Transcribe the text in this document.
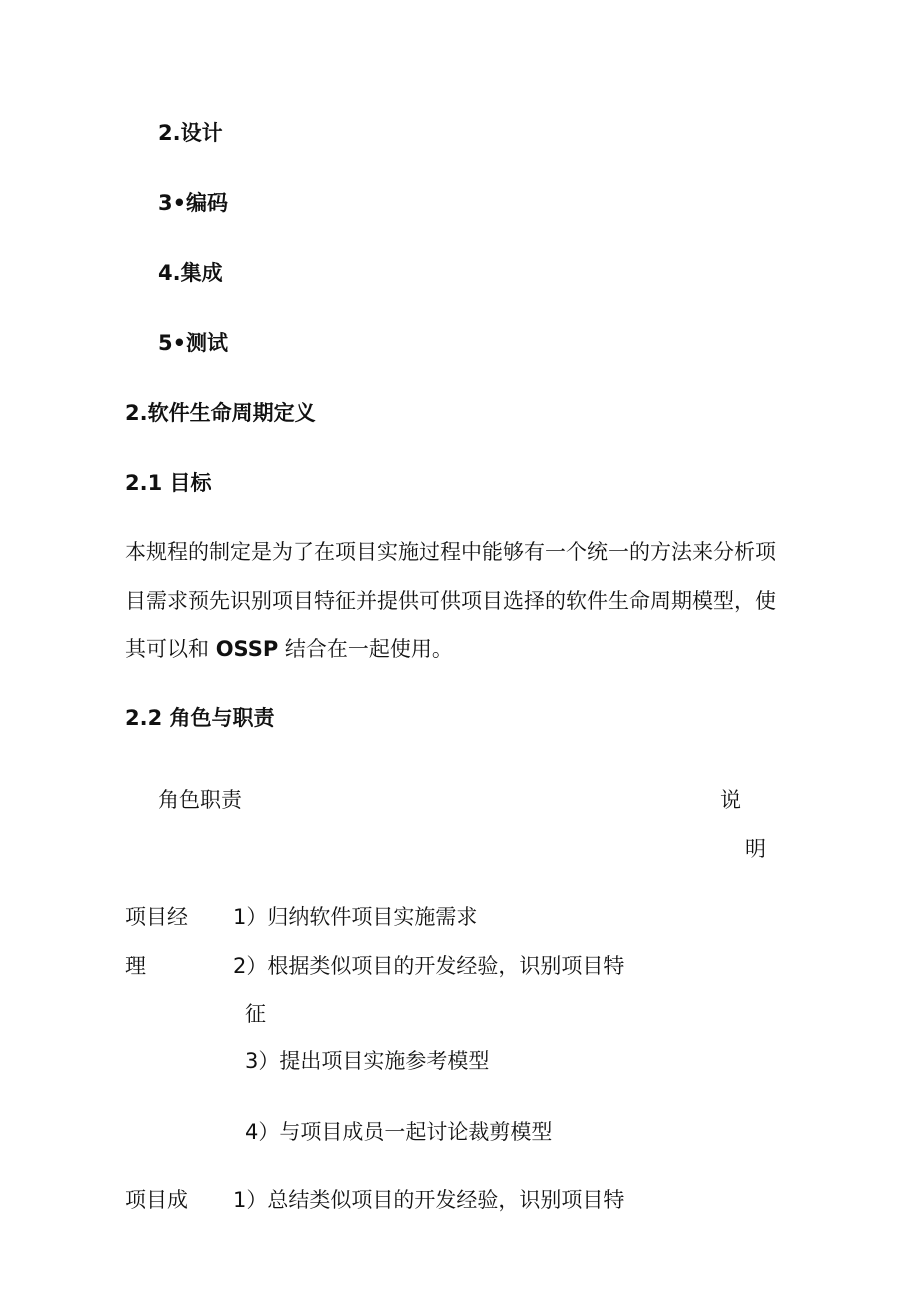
2.设计
3•编码
4.集成
5•测试
2.软件生命周期定义
2.1 目标
本规程的制定是为了在项目实施过程中能够有一个统一的方法来分析项
目需求预先识别项目特征并提供可供项目选择的软件生命周期模型，使
其可以和 OSSP 结合在一起使用。
2.2 角色与职责
角色职责	说
明
项目经
理
1）归纳软件项目实施需求
2）根据类似项目的开发经验，识别项目特
征
3）提出项目实施参考模型
4）与项目成员一起讨论裁剪模型
项目成 1）总结类似项目的开发经验，识别项目特
